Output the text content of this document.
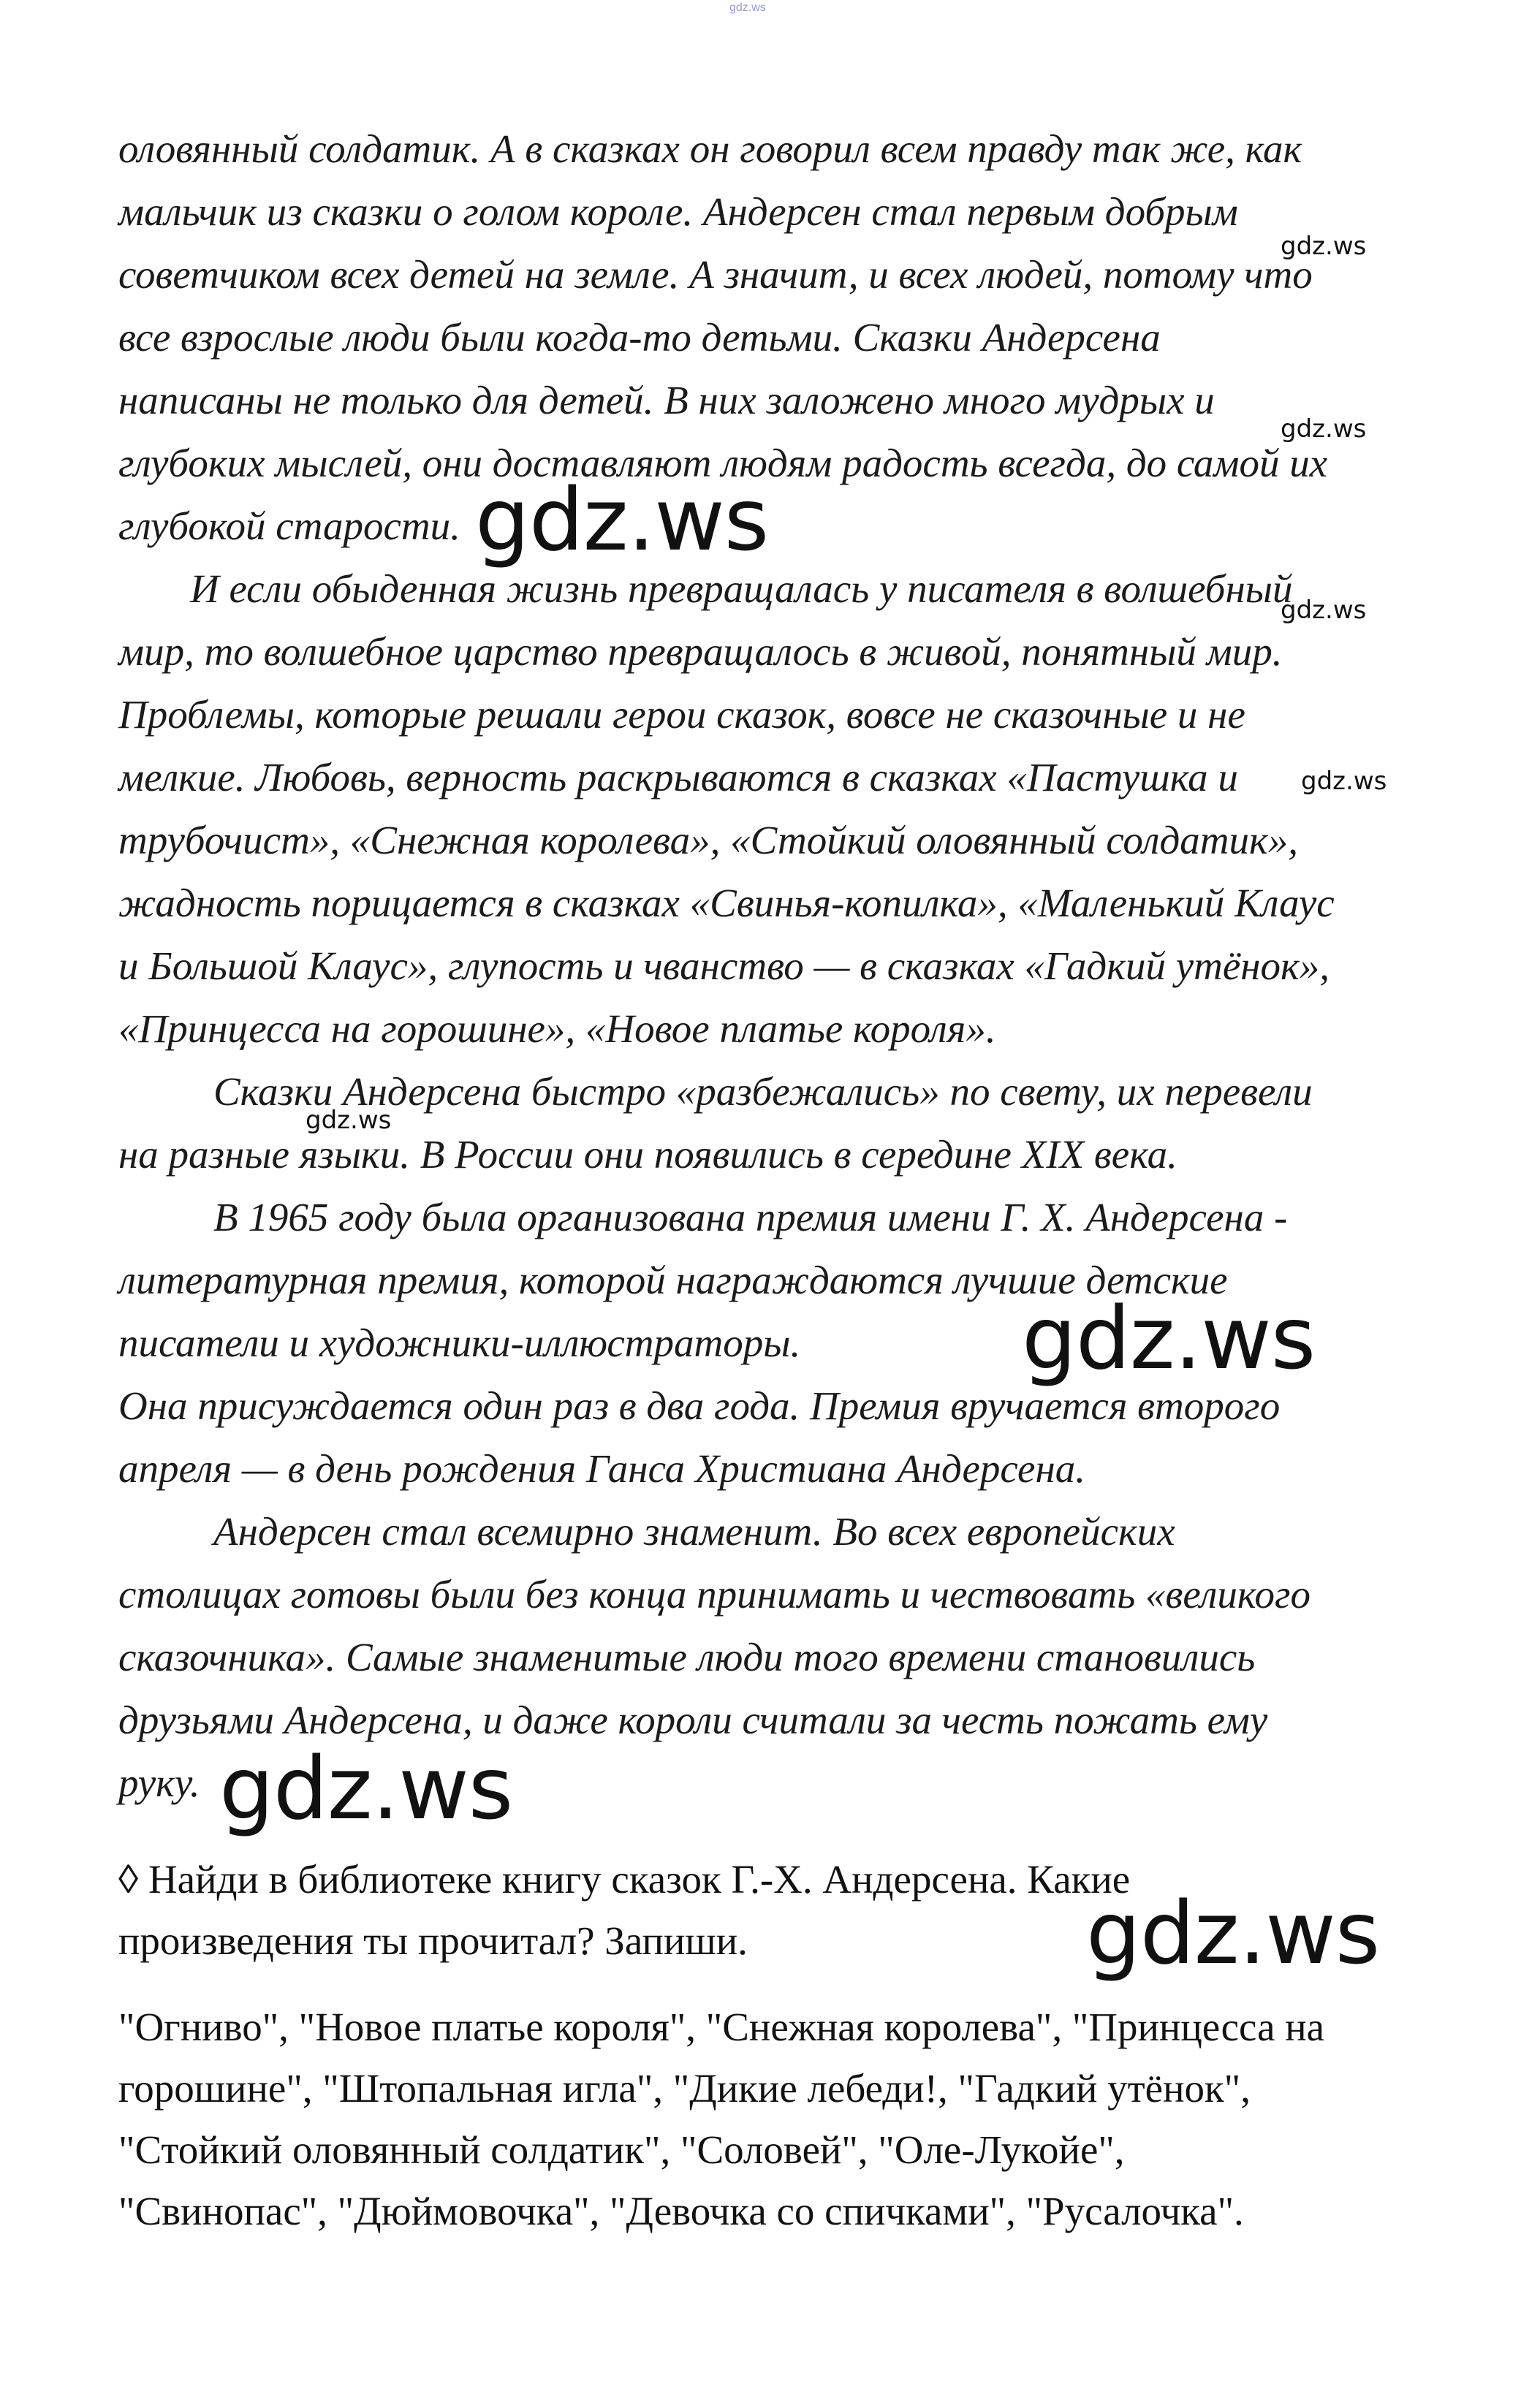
gdz.ws
оловянный солдатик. А в сказках он говорил всем правду так же, как
мальчик из сказки о голом короле. Андерсен стал первым добрым
советчиком всех детей на земле. А значит, и всех людей, потому что
все взрослые люди были когда-то детьми. Сказки Андерсена
написаны не только для детей. В них заложено много мудрых и
глубоких мыслей, они доставляют людям радость всегда, до самой их
глубокой старости.
И если обыденная жизнь превращалась у писателя в волшебный
мир, то волшебное царство превращалось в живой, понятный мир.
Проблемы, которые решали герои сказок, вовсе не сказочные и не
мелкие. Любовь, верность раскрываются в сказках «Пастушка и
трубочист», «Снежная королева», «Стойкий оловянный солдатик»,
жадность порицается в сказках «Свинья-копилка», «Маленький Клаус
и Большой Клаус», глупость и чванство — в сказках «Гадкий утёнок»,
«Принцесса на горошине», «Новое платье короля».
Сказки Андерсена быстро «разбежались» по свету, их перевели
на разные языки. В России они появились в середине XIX века.
В 1965 году была организована премия имени Г. Х. Андерсена -
литературная премия, которой награждаются лучшие детские
писатели и художники-иллюстраторы.
Она присуждается один раз в два года. Премия вручается второго
апреля — в день рождения Ганса Христиана Андерсена.
Андерсен стал всемирно знаменит. Во всех европейских
столицах готовы были без конца принимать и чествовать «великого
сказочника». Самые знаменитые люди того времени становились
друзьями Андерсена, и даже короли считали за честь пожать ему
руку.
◊ Найди в библиотеке книгу сказок Г.-Х. Андерсена. Какие
произведения ты прочитал? Запиши.
"Огниво", "Новое платье короля", "Снежная королева", "Принцесса на
горошине", "Штопальная игла", "Дикие лебеди!, "Гадкий утёнок",
"Стойкий оловянный солдатик", "Соловей", "Оле-Лукойе",
"Свинопас", "Дюймовочка", "Девочка со спичками", "Русалочка".
gdz.ws
gdz.ws
gdz.ws
gdz.ws
gdz.ws
gdz.ws
gdz.ws
gdz.ws
gdz.ws
